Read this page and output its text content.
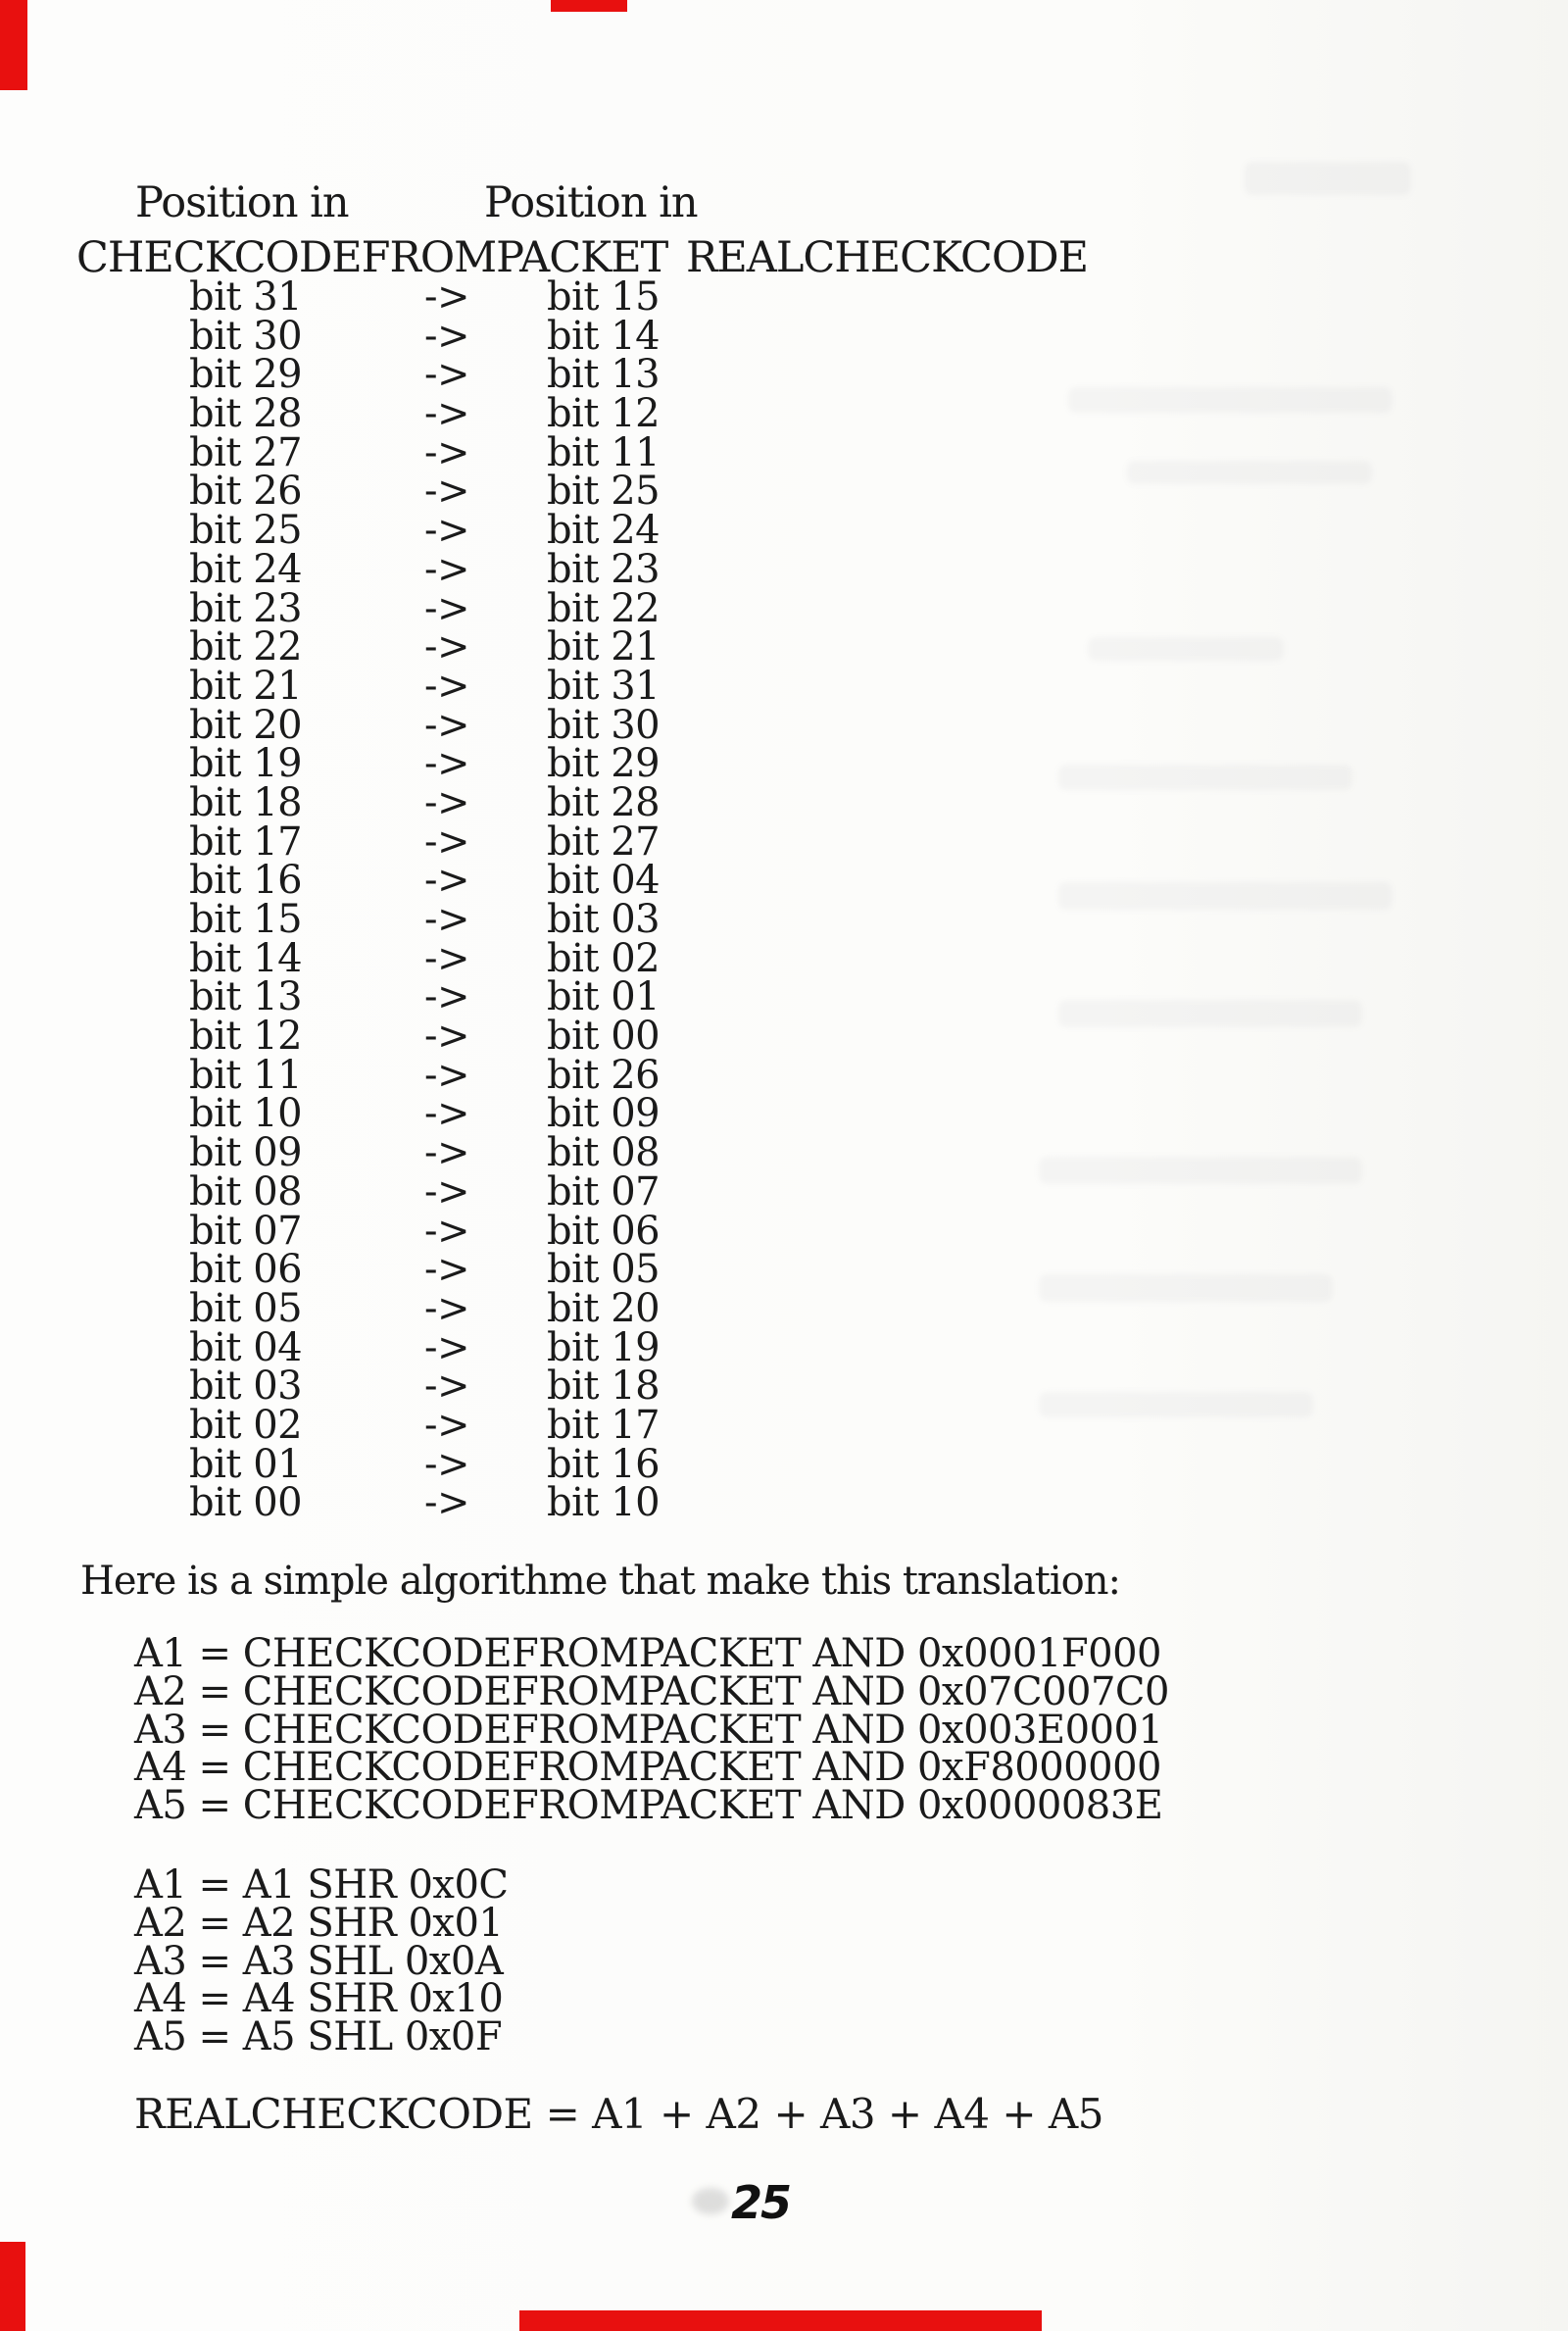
Position in	Position in
CHECKCODEFROMPACKET REALCHECKCODE
bit 31	-> bit 15
bit 30	-> bit 14
bit 29	-> bit 13
bit 28	-> bit 12
bit 27	-> bit 11
bit 26	-> bit 25
bit 25	-> bit 24
bit 24	-> bit 23
bit 23	-> bit 22
bit 22	-> bit 21
bit 21	-> bit 31
bit 20	-> bit 30
bit 19	-> bit 29
bit 18	-> bit 28
bit 17	-> bit 27
bit 16	-> bit 04
bit 15	-> bit 03
bit 14	-> bit 02
bit 13	-> bit 01
bit 12	-> bit 00
bit 11	-> bit 26
bit 10	-> bit 09
bit 09	-> bit 08
bit 08	-> bit 07
bit 07	-> bit 06
bit 06	-> bit 05
bit 05	-> bit 20
bit 04	-> bit 19
bit 03	-> bit 18
bit 02	-> bit 17
bit 01	-> bit 16
bit 00	-> bit 10
Here is a simple algorithme that make this translation:
A1 = CHECKCODEFROMPACKET AND 0x0001F000
A2 = CHECKCODEFROMPACKET AND 0x07C007C0
A3 = CHECKCODEFROMPACKET AND 0x003E0001
A4 = CHECKCODEFROMPACKET AND 0xF8000000
A5 = CHECKCODEFROMPACKET AND 0x0000083E
A1 = A1 SHR 0x0C
A2 = A2 SHR 0x01
A3 = A3 SHL 0x0A
A4 = A4 SHR 0x10
A5 = A5 SHL 0x0F
REALCHECKCODE = A1 + A2 + A3 + A4 + A5
25
